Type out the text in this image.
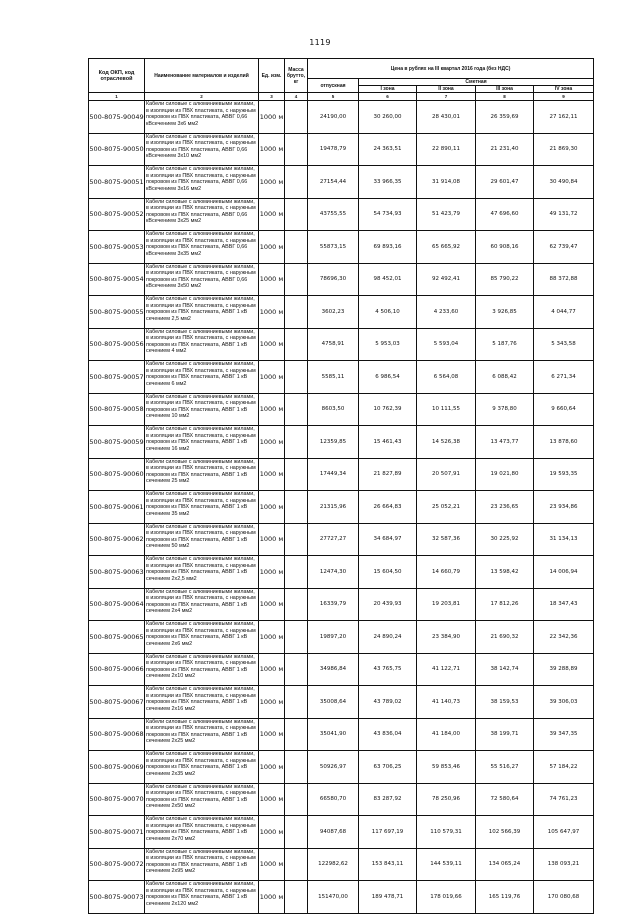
1119
Код ОКП, код отраслевой	Наименование материалов и изделий	Ед. изм.	Масса брутто, кг	Цена в рублях на III квартал 2016 года (без НДС)				
				отпускная	Сметная			
					I зона	II зона	III зона	IV зона
1	2	3	4	5	6	7	8	9
500-8075-90049	Кабели силовые с алюминиевыми жилами, в изоляции из ПВХ пластиката, с наружным покровом из ПВХ пластиката, АВВГ 0,66 кВсечением 3х6 мм2	1000 м		24190,00	30 260,00	28 430,01	26 359,69	27 162,11
500-8075-90050	Кабели силовые с алюминиевыми жилами, в изоляции из ПВХ пластиката, с наружным покровом из ПВХ пластиката, АВВГ 0,66 кВсечением 3х10 мм2	1000 м		19478,79	24 363,51	22 890,11	21 231,40	21 869,30
500-8075-90051	Кабели силовые с алюминиевыми жилами, в изоляции из ПВХ пластиката, с наружным покровом из ПВХ пластиката, АВВГ 0,66 кВсечением 3х16 мм2	1000 м		27154,44	33 966,35	31 914,08	29 601,47	30 490,84
500-8075-90052	Кабели силовые с алюминиевыми жилами, в изоляции из ПВХ пластиката, с наружным покровом из ПВХ пластиката, АВВГ 0,66 кВсечением 3х25 мм2	1000 м		43755,55	54 734,93	51 423,79	47 696,60	49 131,72
500-8075-90053	Кабели силовые с алюминиевыми жилами, в изоляции из ПВХ пластиката, с наружным покровом из ПВХ пластиката, АВВГ 0,66 кВсечением 3х35 мм2	1000 м		55873,15	69 893,16	65 665,92	60 908,16	62 739,47
500-8075-90054	Кабели силовые с алюминиевыми жилами, в изоляции из ПВХ пластиката, с наружным покровом из ПВХ пластиката, АВВГ 0,66 кВсечением 3х50 мм2	1000 м		78696,30	98 452,01	92 492,41	85 790,22	88 372,88
500-8075-90055	Кабели силовые с алюминиевыми жилами, в изоляции из ПВХ пластиката, с наружным покровом из ПВХ пластиката, АВВГ 1 кВ сечением 2,5 мм2	1000 м		3602,23	4 506,10	4 233,60	3 926,85	4 044,77
500-8075-90056	Кабели силовые с алюминиевыми жилами, в изоляции из ПВХ пластиката, с наружным покровом из ПВХ пластиката, АВВГ 1 кВ сечением 4 мм2	1000 м		4758,91	5 953,03	5 593,04	5 187,76	5 343,58
500-8075-90057	Кабели силовые с алюминиевыми жилами, в изоляции из ПВХ пластиката, с наружным покровом из ПВХ пластиката, АВВГ 1 кВ сечением 6 мм2	1000 м		5585,11	6 986,54	6 564,08	6 088,42	6 271,34
500-8075-90058	Кабели силовые с алюминиевыми жилами, в изоляции из ПВХ пластиката, с наружным покровом из ПВХ пластиката, АВВГ 1 кВ сечением 10 мм2	1000 м		8603,50	10 762,39	10 111,55	9 378,80	9 660,64
500-8075-90059	Кабели силовые с алюминиевыми жилами, в изоляции из ПВХ пластиката, с наружным покровом из ПВХ пластиката, АВВГ 1 кВ сечением 16 мм2	1000 м		12359,85	15 461,43	14 526,38	13 473,77	13 878,60
500-8075-90060	Кабели силовые с алюминиевыми жилами, в изоляции из ПВХ пластиката, с наружным покровом из ПВХ пластиката, АВВГ 1 кВ сечением 25 мм2	1000 м		17449,34	21 827,89	20 507,91	19 021,80	19 593,35
500-8075-90061	Кабели силовые с алюминиевыми жилами, в изоляции из ПВХ пластиката, с наружным покровом из ПВХ пластиката, АВВГ 1 кВ сечением 35 мм2	1000 м		21315,96	26 664,83	25 052,21	23 236,65	23 934,86
500-8075-90062	Кабели силовые с алюминиевыми жилами, в изоляции из ПВХ пластиката, с наружным покровом из ПВХ пластиката, АВВГ 1 кВ сечением 50 мм2	1000 м		27727,27	34 684,97	32 587,36	30 225,92	31 134,13
500-8075-90063	Кабели силовые с алюминиевыми жилами, в изоляции из ПВХ пластиката, с наружным покровом из ПВХ пластиката, АВВГ 1 кВ сечением 2х2,5 мм2	1000 м		12474,30	15 604,50	14 660,79	13 598,42	14 006,94
500-8075-90064	Кабели силовые с алюминиевыми жилами, в изоляции из ПВХ пластиката, с наружным покровом из ПВХ пластиката, АВВГ 1 кВ сечением 2х4 мм2	1000 м		16339,79	20 439,93	19 203,81	17 812,26	18 347,43
500-8075-90065	Кабели силовые с алюминиевыми жилами, в изоляции из ПВХ пластиката, с наружным покровом из ПВХ пластиката, АВВГ 1 кВ сечением 2х6 мм2	1000 м		19897,20	24 890,24	23 384,90	21 690,32	22 342,36
500-8075-90066	Кабели силовые с алюминиевыми жилами, в изоляции из ПВХ пластиката, с наружным покровом из ПВХ пластиката, АВВГ 1 кВ сечением 2х10 мм2	1000 м		34986,84	43 765,75	41 122,71	38 142,74	39 288,89
500-8075-90067	Кабели силовые с алюминиевыми жилами, в изоляции из ПВХ пластиката, с наружным покровом из ПВХ пластиката, АВВГ 1 кВ сечением 2х16 мм2	1000 м		35008,64	43 789,02	41 140,73	38 159,53	39 306,03
500-8075-90068	Кабели силовые с алюминиевыми жилами, в изоляции из ПВХ пластиката, с наружным покровом из ПВХ пластиката, АВВГ 1 кВ сечением 2х25 мм2	1000 м		35041,90	43 836,04	41 184,00	38 199,71	39 347,35
500-8075-90069	Кабели силовые с алюминиевыми жилами, в изоляции из ПВХ пластиката, с наружным покровом из ПВХ пластиката, АВВГ 1 кВ сечением 2х35 мм2	1000 м		50926,97	63 706,25	59 853,46	55 516,27	57 184,22
500-8075-90070	Кабели силовые с алюминиевыми жилами, в изоляции из ПВХ пластиката, с наружным покровом из ПВХ пластиката, АВВГ 1 кВ сечением 2х50 мм2	1000 м		66580,70	83 287,92	78 250,96	72 580,64	74 761,23
500-8075-90071	Кабели силовые с алюминиевыми жилами, в изоляции из ПВХ пластиката, с наружным покровом из ПВХ пластиката, АВВГ 1 кВ сечением 2х70 мм2	1000 м		94087,68	117 697,19	110 579,31	102 566,39	105 647,97
500-8075-90072	Кабели силовые с алюминиевыми жилами, в изоляции из ПВХ пластиката, с наружным покровом из ПВХ пластиката, АВВГ 1 кВ сечением 2х95 мм2	1000 м		122982,62	153 843,11	144 539,11	134 065,24	138 093,21
500-8075-90073	Кабели силовые с алюминиевыми жилами, в изоляции из ПВХ пластиката, с наружным покровом из ПВХ пластиката, АВВГ 1 кВ сечением 2х120 мм2	1000 м		151470,00	189 478,71	178 019,66	165 119,76	170 080,68
